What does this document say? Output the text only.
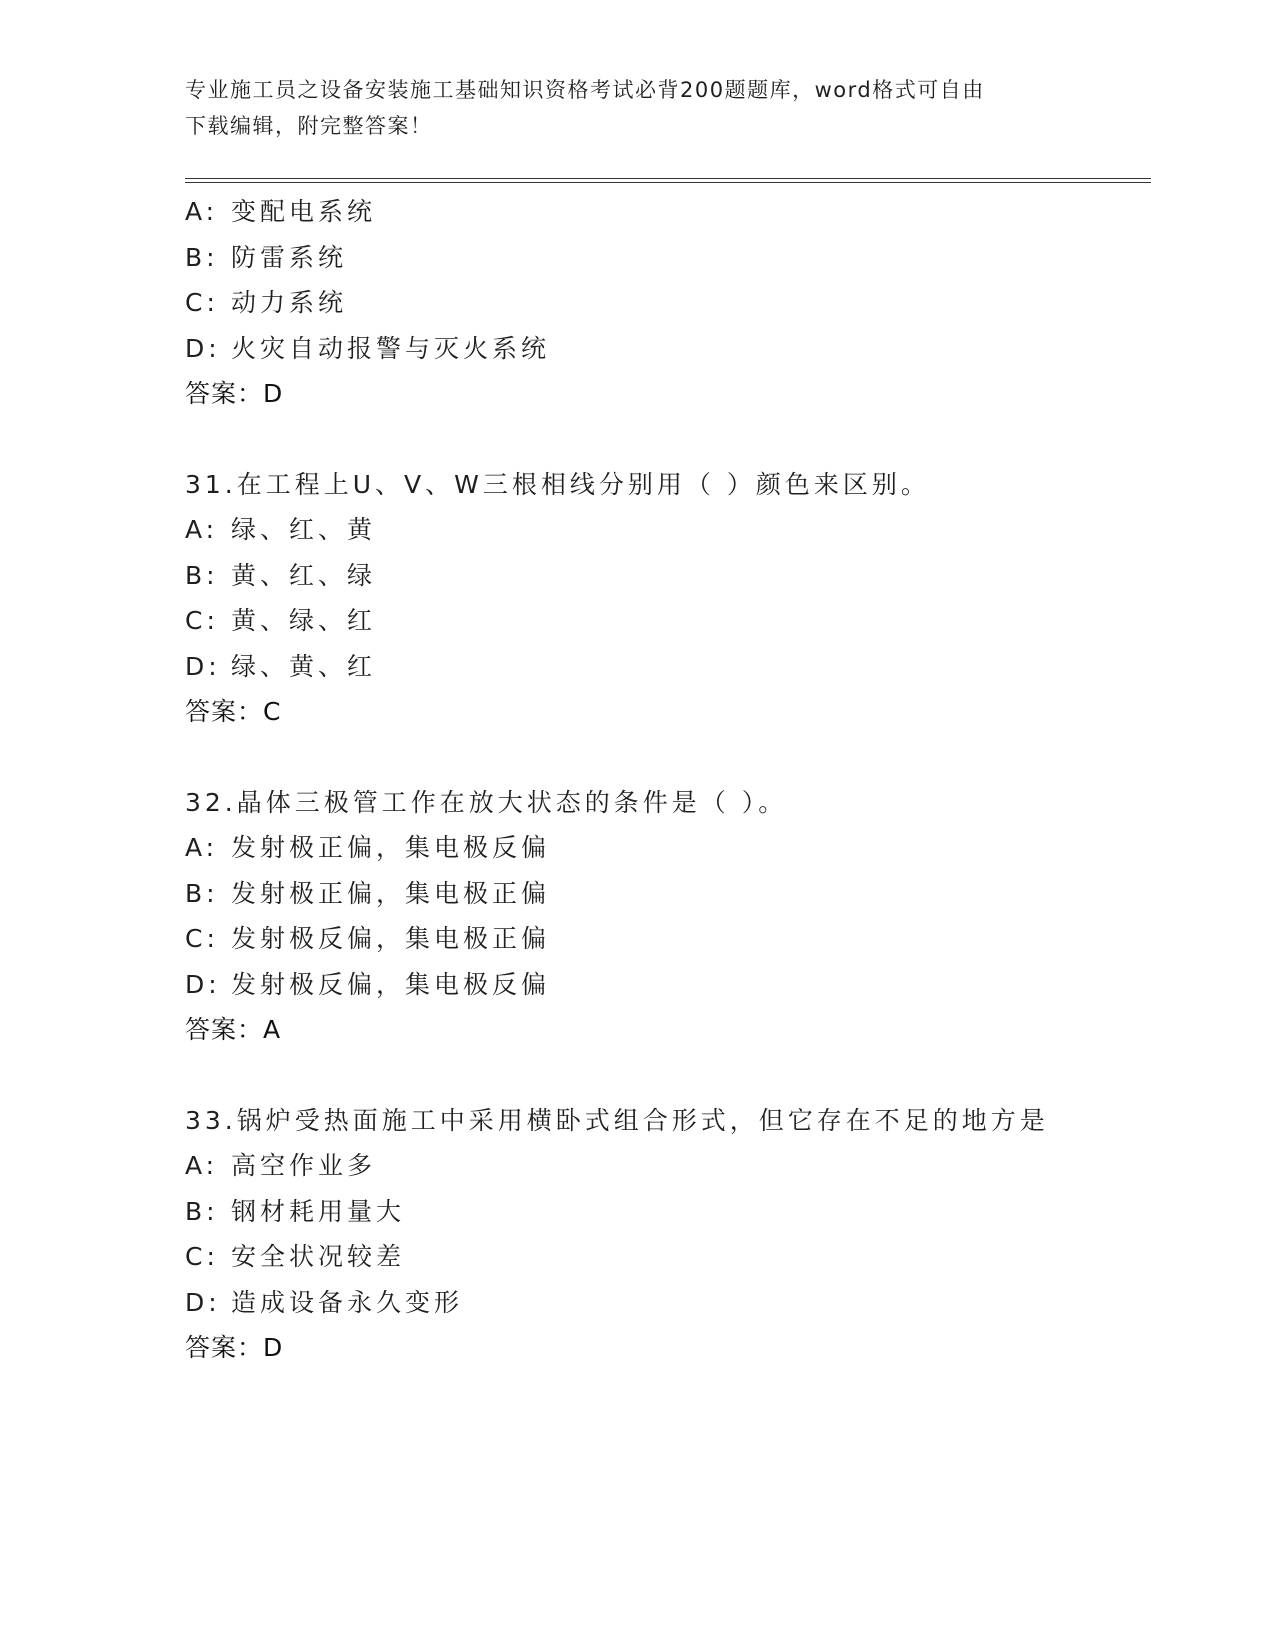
专业施工员之设备安装施工基础知识资格考试必背200题题库，word格式可自由
下载编辑，附完整答案！
A: 变配电系统
B: 防雷系统
C: 动力系统
D: 火灾自动报警与灭火系统
答案：D
31.在工程上U、V、W三根相线分别用（ ）颜色来区别。
A: 绿、红、黄
B: 黄、红、绿
C: 黄、绿、红
D: 绿、黄、红
答案：C
32.晶体三极管工作在放大状态的条件是（ ）。
A: 发射极正偏，集电极反偏
B: 发射极正偏，集电极正偏
C: 发射极反偏，集电极正偏
D: 发射极反偏，集电极反偏
答案：A
33.锅炉受热面施工中采用横卧式组合形式，但它存在不足的地方是
A: 高空作业多
B: 钢材耗用量大
C: 安全状况较差
D: 造成设备永久变形
答案：D
